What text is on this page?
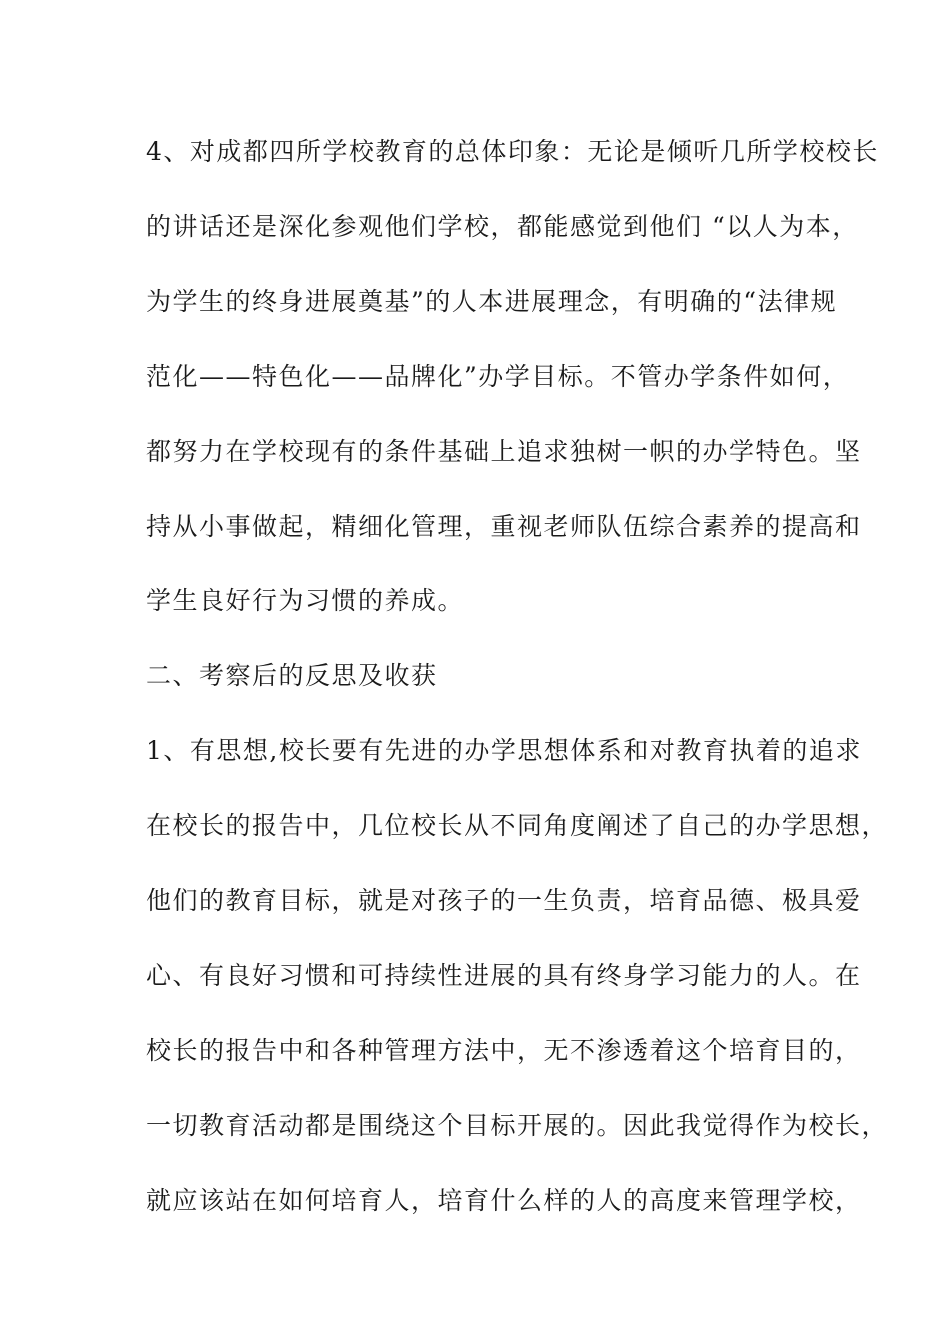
4、对成都四所学校教育的总体印象：无论是倾听几所学校校长
的讲话还是深化参观他们学校，都能感觉到他们 “以人为本，
为学生的终身进展奠基”的人本进展理念，有明确的“法律规
范化——特色化——品牌化”办学目标。不管办学条件如何，
都努力在学校现有的条件基础上追求独树一帜的办学特色。坚
持从小事做起，精细化管理，重视老师队伍综合素养的提高和
学生良好行为习惯的养成。
二、考察后的反思及收获
1、有思想,校长要有先进的办学思想体系和对教育执着的追求
在校长的报告中，几位校长从不同角度阐述了自己的办学思想，
他们的教育目标，就是对孩子的一生负责，培育品德、极具爱
心、有良好习惯和可持续性进展的具有终身学习能力的人。在
校长的报告中和各种管理方法中，无不渗透着这个培育目的，
一切教育活动都是围绕这个目标开展的。因此我觉得作为校长，
就应该站在如何培育人，培育什么样的人的高度来管理学校，
